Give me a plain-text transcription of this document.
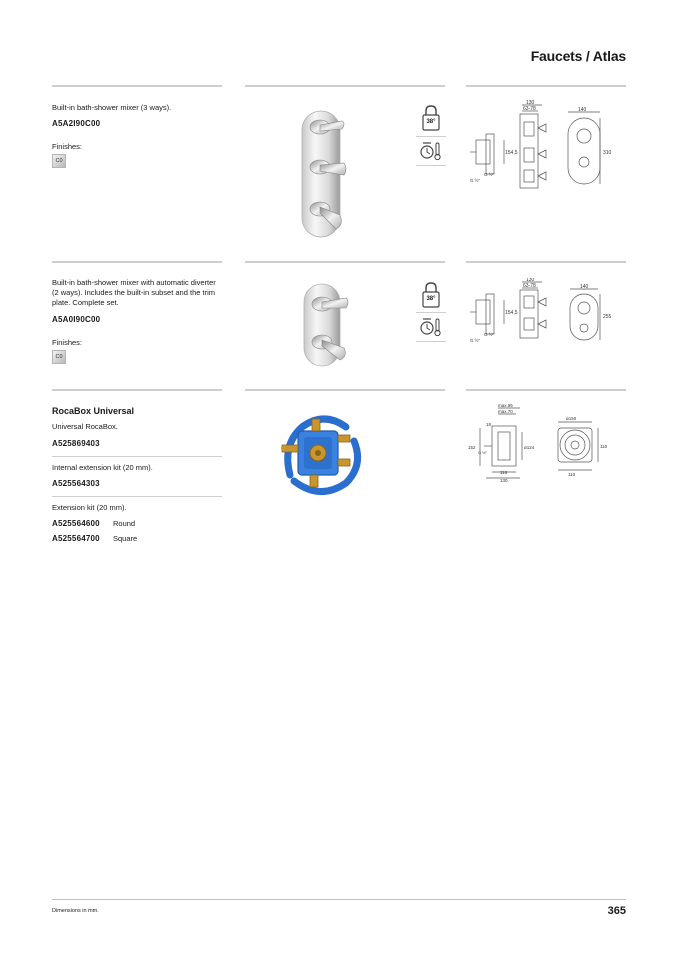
Faucets / Atlas
Built-in bath-shower mixer (3 ways).
A5A2I90C00
Finishes:
C0
38°
130
63-78	140
154,5	310
G ½"
G ½"
Built-in bath-shower mixer with automatic diverter (2 ways). Includes the built-in subset and the trim plate. Complete set.
A5A0I90C00
Finishes:
C0
38°
130
63-78	140
154,5
255
G ½"
G ½"
RocaBox Universal
Universal RocaBox.
A525869403
Internal extension kit (20 mm).
A525564303
Extension kit (20 mm).
A525564600 Round
A525564700 Square
max.95
max.70
18
152
G ½"
ø124
116
130
ø150
110
110
Dimensions in mm.	365
